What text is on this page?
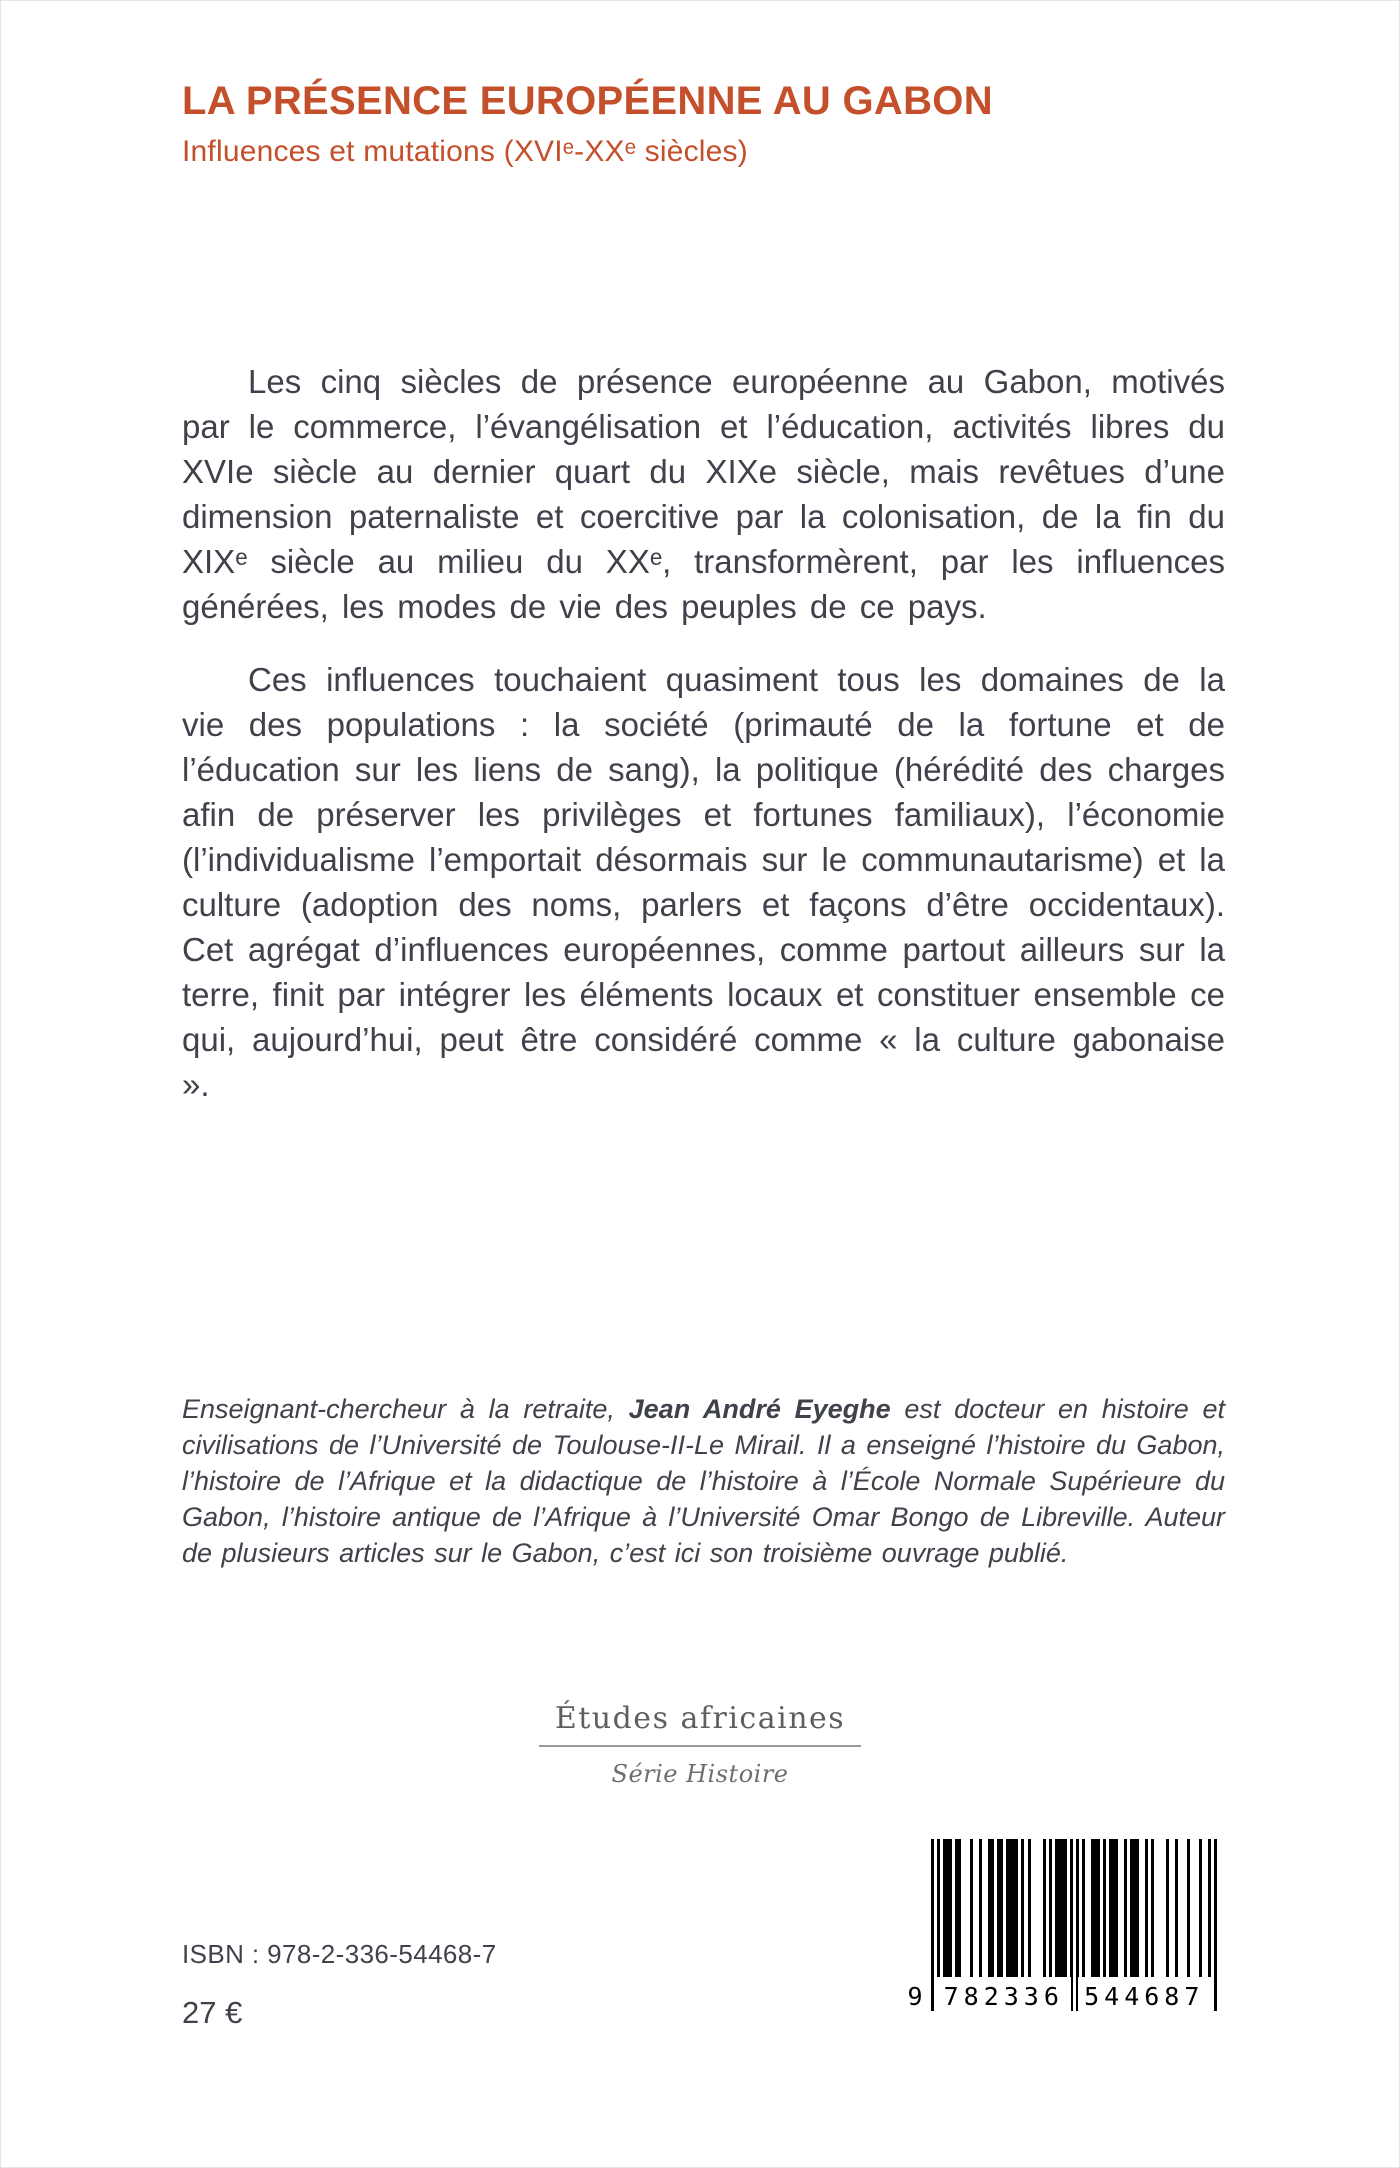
LA PRÉSENCE EUROPÉENNE AU GABON
Influences et mutations (XVIᵉ-XXᵉ siècles)

Les cinq siècles de présence européenne au Gabon, motivés par le commerce, l’évangélisation et l’éducation, activités libres du XVIe siècle au dernier quart du XIXe siècle, mais revêtues d’une dimension paternaliste et coercitive par la colonisation, de la fin du XIXᵉ siècle au milieu du XXᵉ, transformèrent, par les influences générées, les modes de vie des peuples de ce pays.

Ces influences touchaient quasiment tous les domaines de la vie des populations : la société (primauté de la fortune et de l’éducation sur les liens de sang), la politique (hérédité des charges afin de préserver les privilèges et fortunes familiaux), l’économie (l’individualisme l’emportait désormais sur le communautarisme) et la culture (adoption des noms, parlers et façons d’être occidentaux). Cet agrégat d’influences européennes, comme partout ailleurs sur la terre, finit par intégrer les éléments locaux et constituer ensemble ce qui, aujourd’hui, peut être considéré comme « la culture gabonaise ».

Enseignant-chercheur à la retraite, Jean André Eyeghe est docteur en histoire et civilisations de l’Université de Toulouse-II-Le Mirail. Il a enseigné l’histoire du Gabon, l’histoire de l’Afrique et la didactique de l’histoire à l’École Normale Supérieure du Gabon, l’histoire antique de l’Afrique à l’Université Omar Bongo de Libreville. Auteur de plusieurs articles sur le Gabon, c’est ici son troisième ouvrage publié.
Études africaines
Série Histoire
ISBN : 978-2-336-54468-7
27 €	9 782336 544687
